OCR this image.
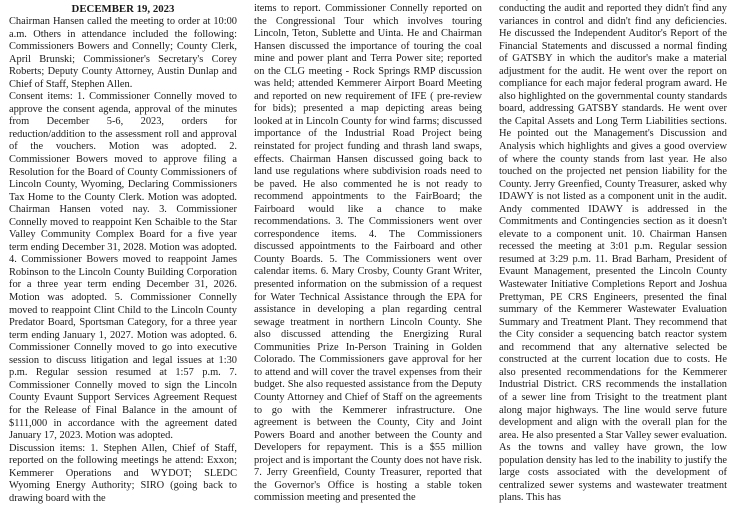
DECEMBER 19, 2023

Chairman Hansen called the meeting to order at 10:00 a.m. Others in attendance included the following: Commissioners Bowers and Connelly; County Clerk, April Brunski; Commissioner's Secretary's Corey Roberts; Deputy County Attorney, Austin Dunlap and Chief of Staff, Stephen Allen.

Consent items: 1. Commissioner Connelly moved to approve the consent agenda, approval of the minutes from December 5-6, 2023, orders for reduction/addition to the assessment roll and approval of the vouchers. Motion was adopted. 2. Commissioner Bowers moved to approve filing a Resolution for the Board of County Commissioners of Lincoln County, Wyoming, Declaring Commissioners Tax Home to the County Clerk. Motion was adopted. Chairman Hansen voted nay. 3. Commissioner Connelly moved to reappoint Ken Schaible to the Star Valley Community Complex Board for a five year term ending December 31, 2028. Motion was adopted. 4. Commissioner Bowers moved to reappoint James Robinson to the Lincoln County Building Corporation for a three year term ending December 31, 2026. Motion was adopted. 5. Commissioner Connelly moved to reappoint Clint Child to the Lincoln County Predator Board, Sportsman Category, for a three year term ending January 1, 2027. Motion was adopted. 6. Commissioner Connelly moved to go into executive session to discuss litigation and legal issues at 1:30 p.m. Regular session resumed at 1:57 p.m. 7. Commissioner Connelly moved to sign the Lincoln County Evaunt Support Services Agreement Request for the Release of Final Balance in the amount of $111,000 in accordance with the agreement dated January 17, 2023. Motion was adopted.

Discussion items: 1. Stephen Allen, Chief of Staff, reported on the following meetings he attend: Exxon; Kemmerer Operations and WYDOT; SLEDC Wyoming Energy Authority; SIRO (going back to drawing board with the

items to report. Commissioner Connelly reported on the Congressional Tour which involves touring Lincoln, Teton, Sublette and Uinta. He and Chairman Hansen discussed the importance of touring the coal mine and power plant and Terra Power site; reported on the CLG meeting - Rock Springs RMP discussion was held; attended Kemmerer Airport Board Meeting and reported on new requirement of IFE ( pre-review for bids); presented a map depicting areas being looked at in Lincoln County for wind farms; discussed importance of the Industrial Road Project being reinstated for project funding and thrash land swaps, effects. Chairman Hansen discussed going back to land use regulations where subdivision roads need to be paved. He also commented he is not ready to recommend appointments to the FairBoard; the Fairboard would like a chance to make recommendations. 3. The Commissioners went over correspondence items. 4. The Commissioners discussed appointments to the Fairboard and other County Boards. 5. The Commissioners went over calendar items. 6. Mary Crosby, County Grant Writer, presented information on the submission of a request for Water Technical Assistance through the EPA for assistance in developing a plan regarding central sewage treatment in northern Lincoln County. She also discussed attending the Energizing Rural Communities Prize In-Person Training in Golden Colorado. The Commissioners gave approval for her to attend and will cover the travel expenses from their budget. She also requested assistance from the Deputy County Attorney and Chief of Staff on the agreements to go with the Kemmerer infrastructure. One agreement is between the County, City and Joint Powers Board and another between the County and Developers for repayment. This is a $55 million project and is important the County does not have risk. 7. Jerry Greenfield, County Treasurer, reported that the Governor's Office is hosting a stable token commission meeting and presented the

conducting the audit and reported they didn't find any variances in control and didn't find any deficiencies. He discussed the Independent Auditor's Report of the Financial Statements and discussed a normal finding of GATSBY in which the auditor's make a material adjustment for the audit. He went over the report on compliance for each major federal program award. He also highlighted on the governmental county standards board, addressing GATSBY standards. He went over the Capital Assets and Long Term Liabilities sections. He pointed out the Management's Discussion and Analysis which highlights and gives a good overview of where the county stands from last year. He also touched on the projected net pension liability for the County. Jerry Greenfied, County Treasurer, asked why IDAWY is not listed as a component unit in the audit. Andy commented IDAWY is addressed in the Commitments and Contingencies section as it doesn't elevate to a component unit. 10. Chairman Hansen recessed the meeting at 3:01 p.m. Regular session resumed at 3:29 p.m. 11. Brad Barham, President of Evaunt Management, presented the Lincoln County Wastewater Initiative Completions Report and Joshua Prettyman, PE CRS Engineers, presented the final summary of the Kemmerer Wastewater Evaluation Summary and Treatment Plant. They recommend that the City consider a sequencing batch reactor system and recommend that any alternative selected be constructed at the current location due to costs. He also presented recommendations for the Kemmerer Industrial District. CRS recommends the installation of a sewer line from Trisight to the treatment plant along major highways. The line would serve future development and align with the overall plan for the area. He also presented a Star Valley sewer evaluation. As the towns and valley have grown, the low population density has led to the inability to justify the large costs associated with the development of centralized sewer systems and wastewater treatment plans. This has
